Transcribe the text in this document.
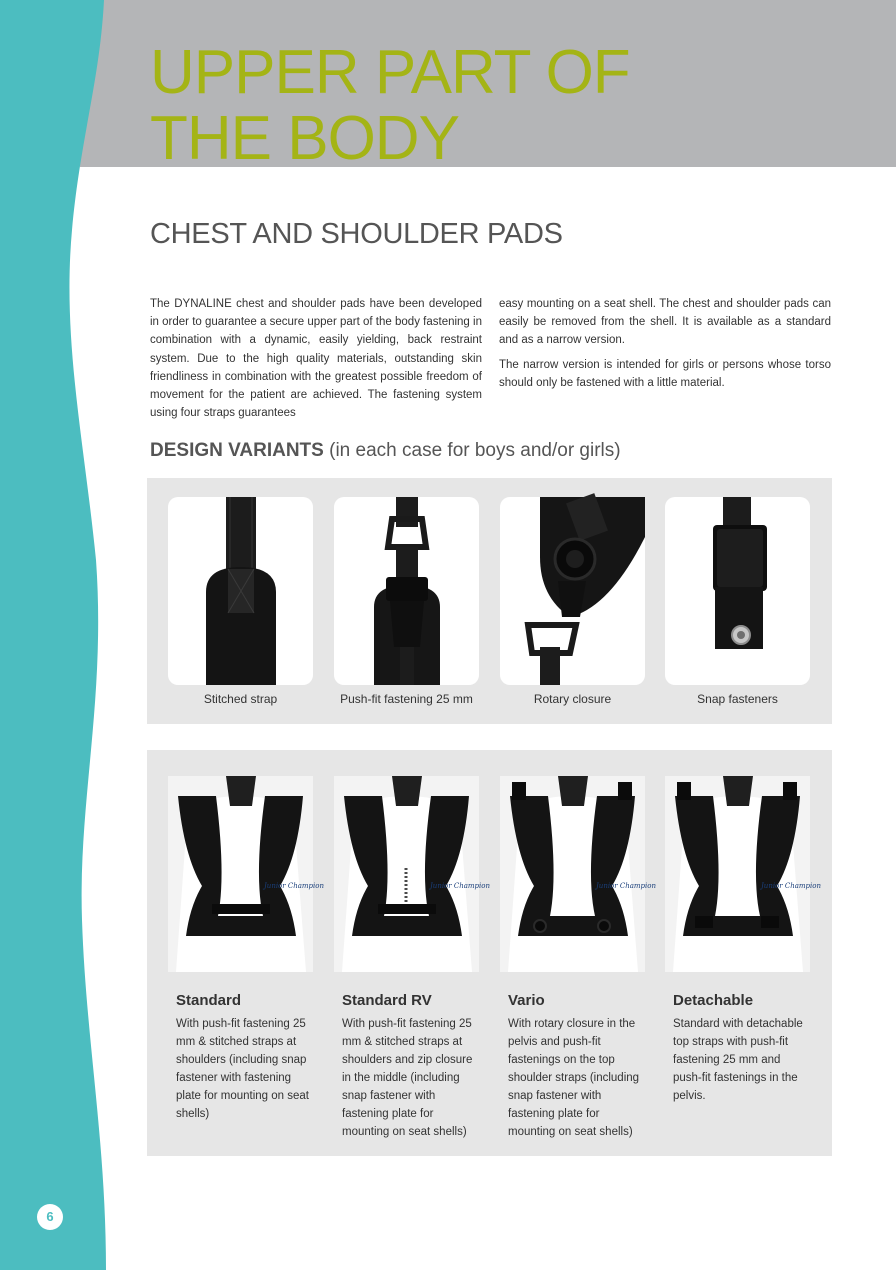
UPPER PART OF
THE BODY
CHEST AND SHOULDER PADS

The DYNALINE chest and shoulder pads have been developed in order to guarantee a secure upper part of the body fastening in combination with a dynamic, easily yielding, back restraint system. Due to the high quality materials, outstanding skin friendliness in combination with the greatest possible freedom of movement for the patient are achieved. The fastening system using four straps guarantees

easy mounting on a seat shell. The chest and shoulder pads can easily be removed from the shell. It is available as a standard and as a narrow version.

The narrow version is intended for girls or persons whose torso should only be fastened with a little material.

DESIGN VARIANTS (in each case for boys and/or girls)
Stitched strap	Push-fit fastening 25 mm	Rotary closure	Snap fasteners
Junior Champion
Standard
With push-fit fastening 25 mm & stitched straps at shoulders (including snap fastener with fastening plate for mounting on seat shells)
Junior Champion
Standard RV
With push-fit fastening 25 mm & stitched straps at shoulders and zip closure in the middle (including snap fastener with fastening plate for mounting on seat shells)
Junior Champion
Vario
With rotary closure in the pelvis and push-fit fastenings on the top shoulder straps (including snap fastener with fastening plate for mounting on seat shells)
Junior Champion
Detachable
Standard with detachable top straps with push-fit fastening 25 mm and push-fit fastenings in the pelvis.
6
